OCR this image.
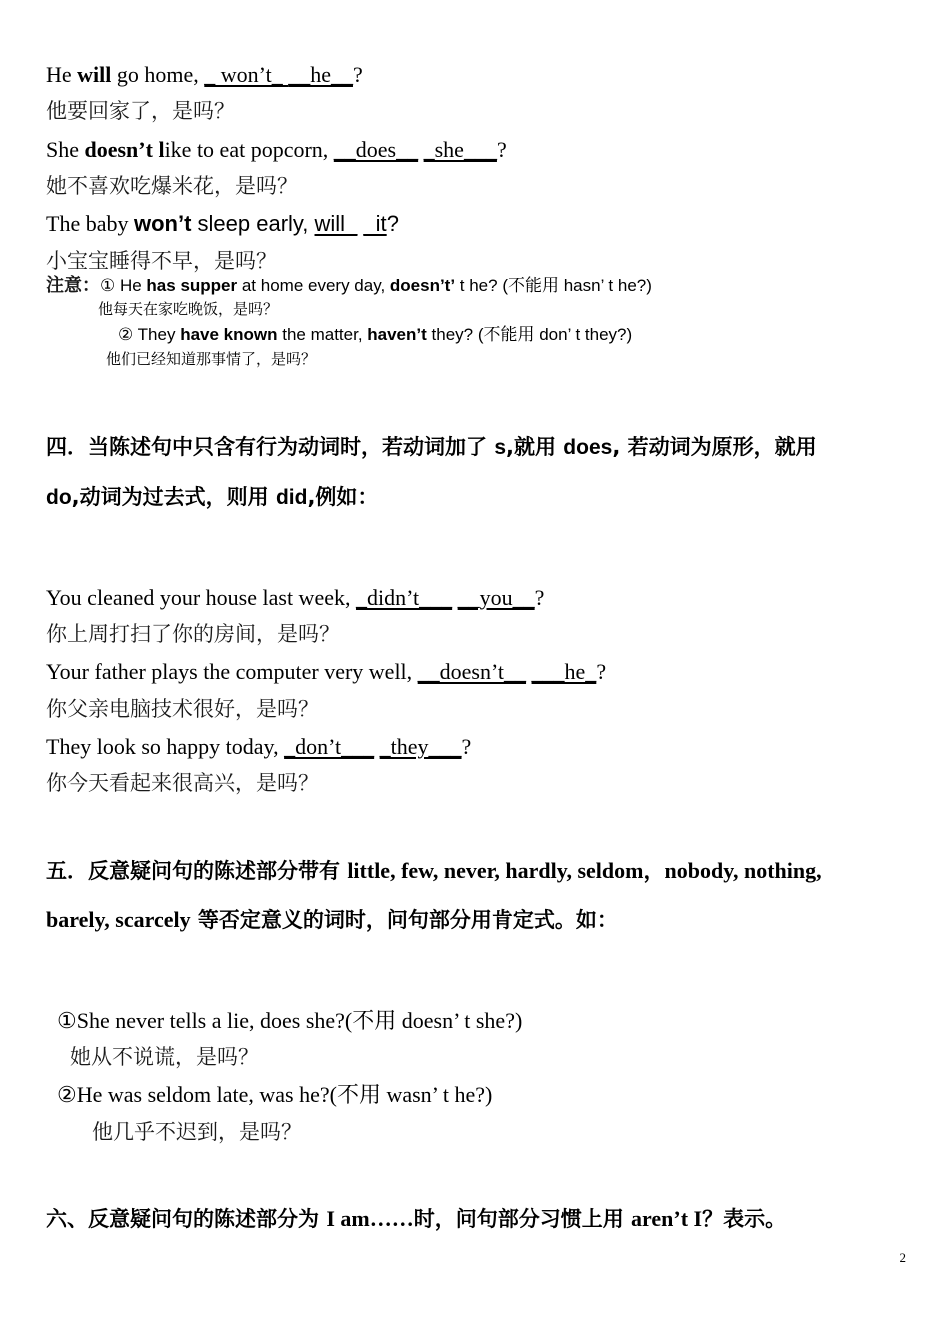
He will go home, _ won’t_ __he__?
他要回家了，是吗？
She doesn’t like to eat popcorn, __does__ _she___?
她不喜欢吃爆米花，是吗？
The baby won’t sleep early, will_ _it?
小宝宝睡得不早，是吗？
注意：① He has supper at home every day, doesn’t’ t he? (不能用 hasn’ t he?)
他每天在家吃晚饭，是吗？
② They have known the matter, haven’t they? (不能用 don’ t they?)
他们已经知道那事情了，是吗？
四．当陈述句中只含有行为动词时，若动词加了 s,就用 does, 若动词为原形，就用
do,动词为过去式，则用 did,例如：
You cleaned your house last week, _didn’t___ __you__?
你上周打扫了你的房间，是吗？
Your father plays the computer very well, __doesn’t__ ___he_?
你父亲电脑技术很好，是吗？
They look so happy today, _don’t___ _they___?
你今天看起来很高兴，是吗？
五．反意疑问句的陈述部分带有 little, few, never, hardly, seldom，nobody, nothing,
barely, scarcely 等否定意义的词时，问句部分用肯定式。如：
①She never tells a lie, does she?(不用 doesn’ t she?)
她从不说谎，是吗？
②He was seldom late, was he?(不用 wasn’ t he?)
他几乎不迟到，是吗？
六、反意疑问句的陈述部分为 I am……时，问句部分习惯上用 aren’t I？表示。
2
